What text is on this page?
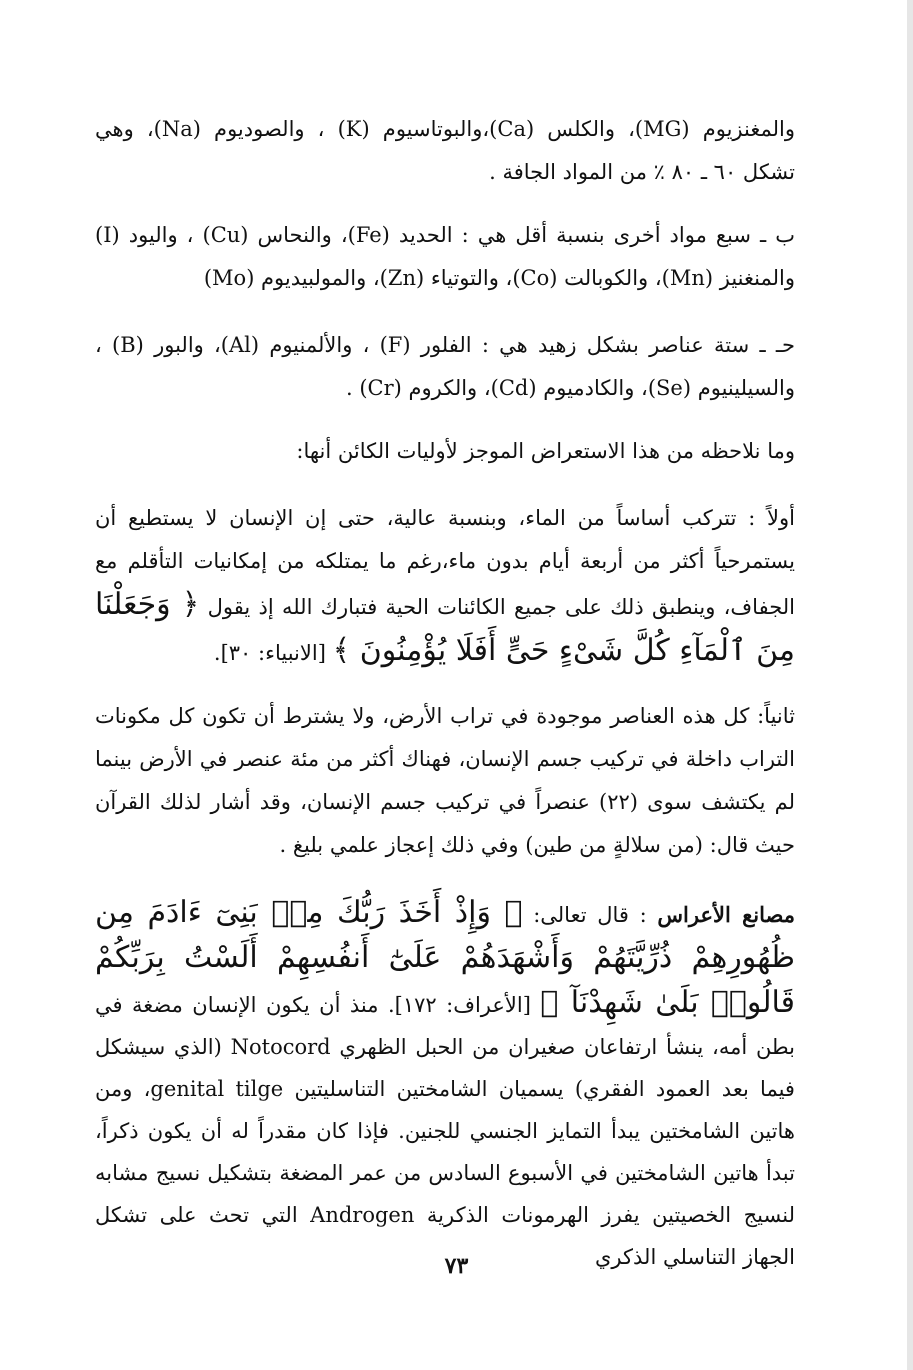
والمغنزيوم (MG)، والكلس (Ca)،والبوتاسيوم (K) ، والصوديوم (Na)، وهي تشكل ٦٠ ـ ٨٠ ٪ من المواد الجافة .

ب ـ سبع مواد أخرى بنسبة أقل هي : الحديد (Fe)، والنحاس (Cu) ، واليود (I) والمنغنيز (Mn)، والكوبالت (Co)، والتوتياء (Zn)، والمولبيديوم (Mo)

حـ ـ ستة عناصر بشكل زهيد هي : الفلور (F) ، والألمنيوم (Al)، والبور (B) ، والسيلينيوم (Se)، والكادميوم (Cd)، والكروم (Cr) .

وما نلاحظه من هذا الاستعراض الموجز لأوليات الكائن أنها:

أولاً : تتركب أساساً من الماء، وبنسبة عالية، حتى إن الإنسان لا يستطيع أن يستمرحياً أكثر من أربعة أيام بدون ماء،رغم ما يمتلكه من إمكانيات التأقلم مع الجفاف، وينطبق ذلك على جميع الكائنات الحية فتبارك الله إذ يقول ﴿ وَجَعَلْنَا مِنَ ٱلْمَآءِ كُلَّ شَىْءٍ حَىٍّ أَفَلَا يُؤْمِنُونَ ﴾ [الانبياء: ٣٠].

ثانياً: كل هذه العناصر موجودة في تراب الأرض، ولا يشترط أن تكون كل مكونات التراب داخلة في تركيب جسم الإنسان، فهناك أكثر من مئة عنصر في الأرض بينما لم يكتشف سوى (٢٢) عنصراً في تركيب جسم الإنسان، وقد أشار لذلك القرآن حيث قال: (من سلالةٍ من طين) وفي ذلك إعجاز علمي بليغ .

مصانع الأعراس : قال تعالى: ﴿ وَإِذْ أَخَذَ رَبُّكَ مِنۢ بَنِىٓ ءَادَمَ مِن ظُهُورِهِمْ ذُرِّيَّتَهُمْ وَأَشْهَدَهُمْ عَلَىٰٓ أَنفُسِهِمْ أَلَسْتُ بِرَبِّكُمْ قَالُوا۟ بَلَىٰ شَهِدْنَآ ﴾ [الأعراف: ١٧٢]. منذ أن يكون الإنسان مضغة في بطن أمه، ينشأ ارتفاعان صغيران من الحبل الظهري Notocord (الذي سيشكل فيما بعد العمود الفقري) يسميان الشامختين التناسليتين genital tilge، ومن هاتين الشامختين يبدأ التمايز الجنسي للجنين. فإذا كان مقدراً له أن يكون ذكراً، تبدأ هاتين الشامختين في الأسبوع السادس من عمر المضغة بتشكيل نسيج مشابه لنسيج الخصيتين يفرز الهرمونات الذكرية Androgen التي تحث على تشكل الجهاز التناسلي الذكري

٧٣
